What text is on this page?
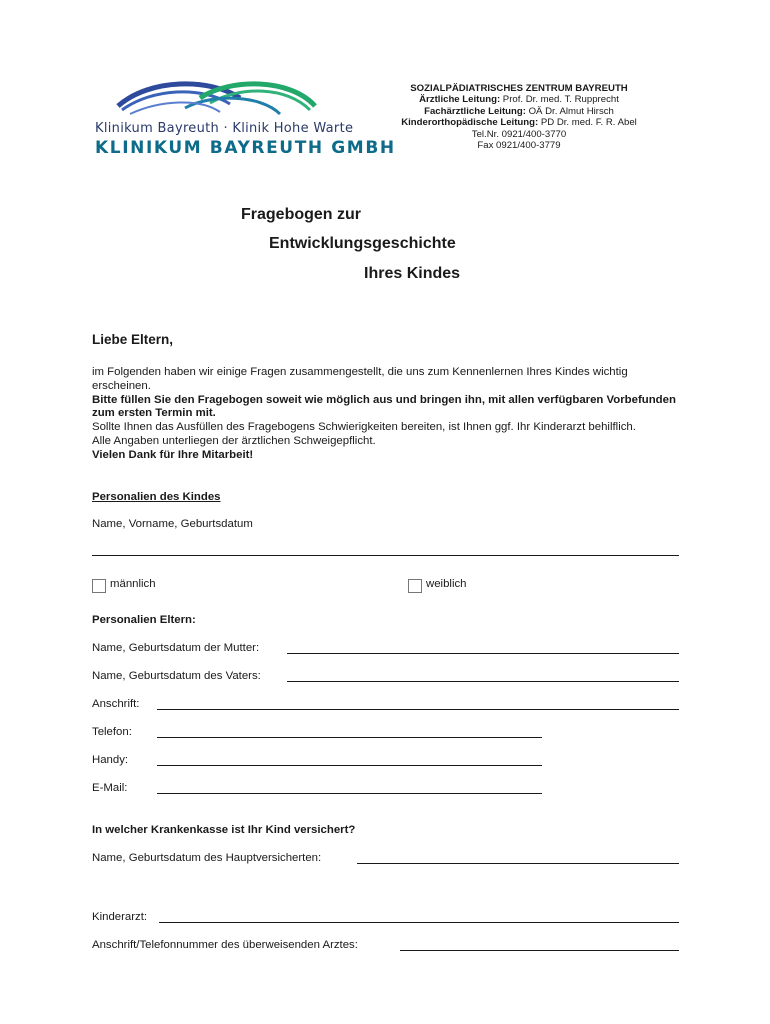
Klinikum Bayreuth · Klinik Hohe Warte
KLINIKUM BAYREUTH GMBH
SOZIALPÄDIATRISCHES ZENTRUM BAYREUTH
Ärztliche Leitung: Prof. Dr. med. T. Rupprecht
Fachärztliche Leitung: OÄ Dr. Almut Hirsch
Kinderorthopädische Leitung: PD Dr. med. F. R. Abel
Tel.Nr. 0921/400-3770
Fax 0921/400-3779
Fragebogen zur
Entwicklungsgeschichte
Ihres Kindes
Liebe Eltern,
im Folgenden haben wir einige Fragen zusammengestellt, die uns zum Kennenlernen Ihres Kindes wichtig erscheinen.
Bitte füllen Sie den Fragebogen soweit wie möglich aus und bringen ihn, mit allen verfügbaren Vorbefunden zum ersten Termin mit.
Sollte Ihnen das Ausfüllen des Fragebogens Schwierigkeiten bereiten, ist Ihnen ggf. Ihr Kinderarzt behilflich.
Alle Angaben unterliegen der ärztlichen Schweigepflicht.
Vielen Dank für Ihre Mitarbeit!
Personalien des Kindes
Name, Vorname, Geburtsdatum
männlich	weiblich
Personalien Eltern:
Name, Geburtsdatum der Mutter:
Name, Geburtsdatum des Vaters:
Anschrift:
Telefon:
Handy:
E-Mail:
In welcher Krankenkasse ist Ihr Kind versichert?
Name, Geburtsdatum des Hauptversicherten:
Kinderarzt:
Anschrift/Telefonnummer des überweisenden Arztes:
